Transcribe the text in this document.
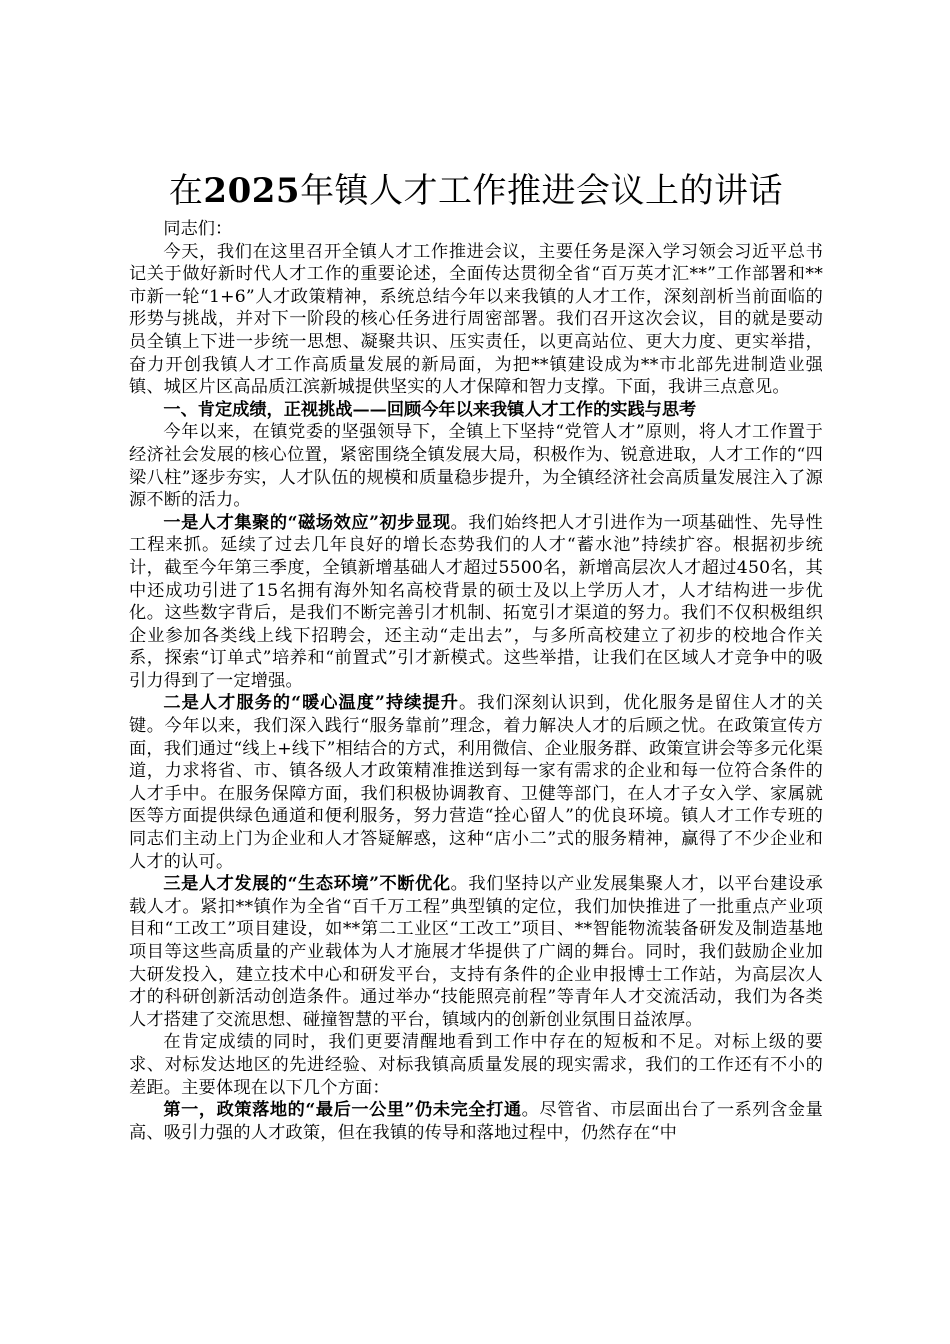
在2025年镇人才工作推进会议上的讲话

同志们：

今天，我们在这里召开全镇人才工作推进会议，主要任务是深入学习领会习近平总书记关于做好新时代人才工作的重要论述，全面传达贯彻全省“百万英才汇**”工作部署和**市新一轮“1+6”人才政策精神，系统总结今年以来我镇的人才工作，深刻剖析当前面临的形势与挑战，并对下一阶段的核心任务进行周密部署。我们召开这次会议，目的就是要动员全镇上下进一步统一思想、凝聚共识、压实责任，以更高站位、更大力度、更实举措，奋力开创我镇人才工作高质量发展的新局面，为把**镇建设成为**市北部先进制造业强镇、城区片区高品质江滨新城提供坚实的人才保障和智力支撑。下面，我讲三点意见。

一、肯定成绩，正视挑战——回顾今年以来我镇人才工作的实践与思考

今年以来，在镇党委的坚强领导下，全镇上下坚持“党管人才”原则，将人才工作置于经济社会发展的核心位置，紧密围绕全镇发展大局，积极作为、锐意进取，人才工作的“四梁八柱”逐步夯实，人才队伍的规模和质量稳步提升，为全镇经济社会高质量发展注入了源源不断的活力。

一是人才集聚的“磁场效应”初步显现。我们始终把人才引进作为一项基础性、先导性工程来抓。延续了过去几年良好的增长态势我们的人才“蓄水池”持续扩容。根据初步统计，截至今年第三季度，全镇新增基础人才超过5500名，新增高层次人才超过450名，其中还成功引进了15名拥有海外知名高校背景的硕士及以上学历人才，人才结构进一步优化。这些数字背后，是我们不断完善引才机制、拓宽引才渠道的努力。我们不仅积极组织企业参加各类线上线下招聘会，还主动“走出去”，与多所高校建立了初步的校地合作关系，探索“订单式”培养和“前置式”引才新模式。这些举措，让我们在区域人才竞争中的吸引力得到了一定增强。

二是人才服务的“暖心温度”持续提升。我们深刻认识到，优化服务是留住人才的关键。今年以来，我们深入践行“服务靠前”理念，着力解决人才的后顾之忧。在政策宣传方面，我们通过“线上+线下”相结合的方式，利用微信、企业服务群、政策宣讲会等多元化渠道，力求将省、市、镇各级人才政策精准推送到每一家有需求的企业和每一位符合条件的人才手中。在服务保障方面，我们积极协调教育、卫健等部门，在人才子女入学、家属就医等方面提供绿色通道和便利服务，努力营造“拴心留人”的优良环境。镇人才工作专班的同志们主动上门为企业和人才答疑解惑，这种“店小二”式的服务精神，赢得了不少企业和人才的认可。

三是人才发展的“生态环境”不断优化。我们坚持以产业发展集聚人才，以平台建设承载人才。紧扣**镇作为全省“百千万工程”典型镇的定位，我们加快推进了一批重点产业项目和“工改工”项目建设，如**第二工业区“工改工”项目、**智能物流装备研发及制造基地项目等这些高质量的产业载体为人才施展才华提供了广阔的舞台。同时，我们鼓励企业加大研发投入，建立技术中心和研发平台，支持有条件的企业申报博士工作站，为高层次人才的科研创新活动创造条件。通过举办“技能照亮前程”等青年人才交流活动，我们为各类人才搭建了交流思想、碰撞智慧的平台，镇域内的创新创业氛围日益浓厚。

在肯定成绩的同时，我们更要清醒地看到工作中存在的短板和不足。对标上级的要求、对标发达地区的先进经验、对标我镇高质量发展的现实需求，我们的工作还有不小的差距。主要体现在以下几个方面：

第一，政策落地的“最后一公里”仍未完全打通。尽管省、市层面出台了一系列含金量高、吸引力强的人才政策，但在我镇的传导和落地过程中，仍然存在“中
